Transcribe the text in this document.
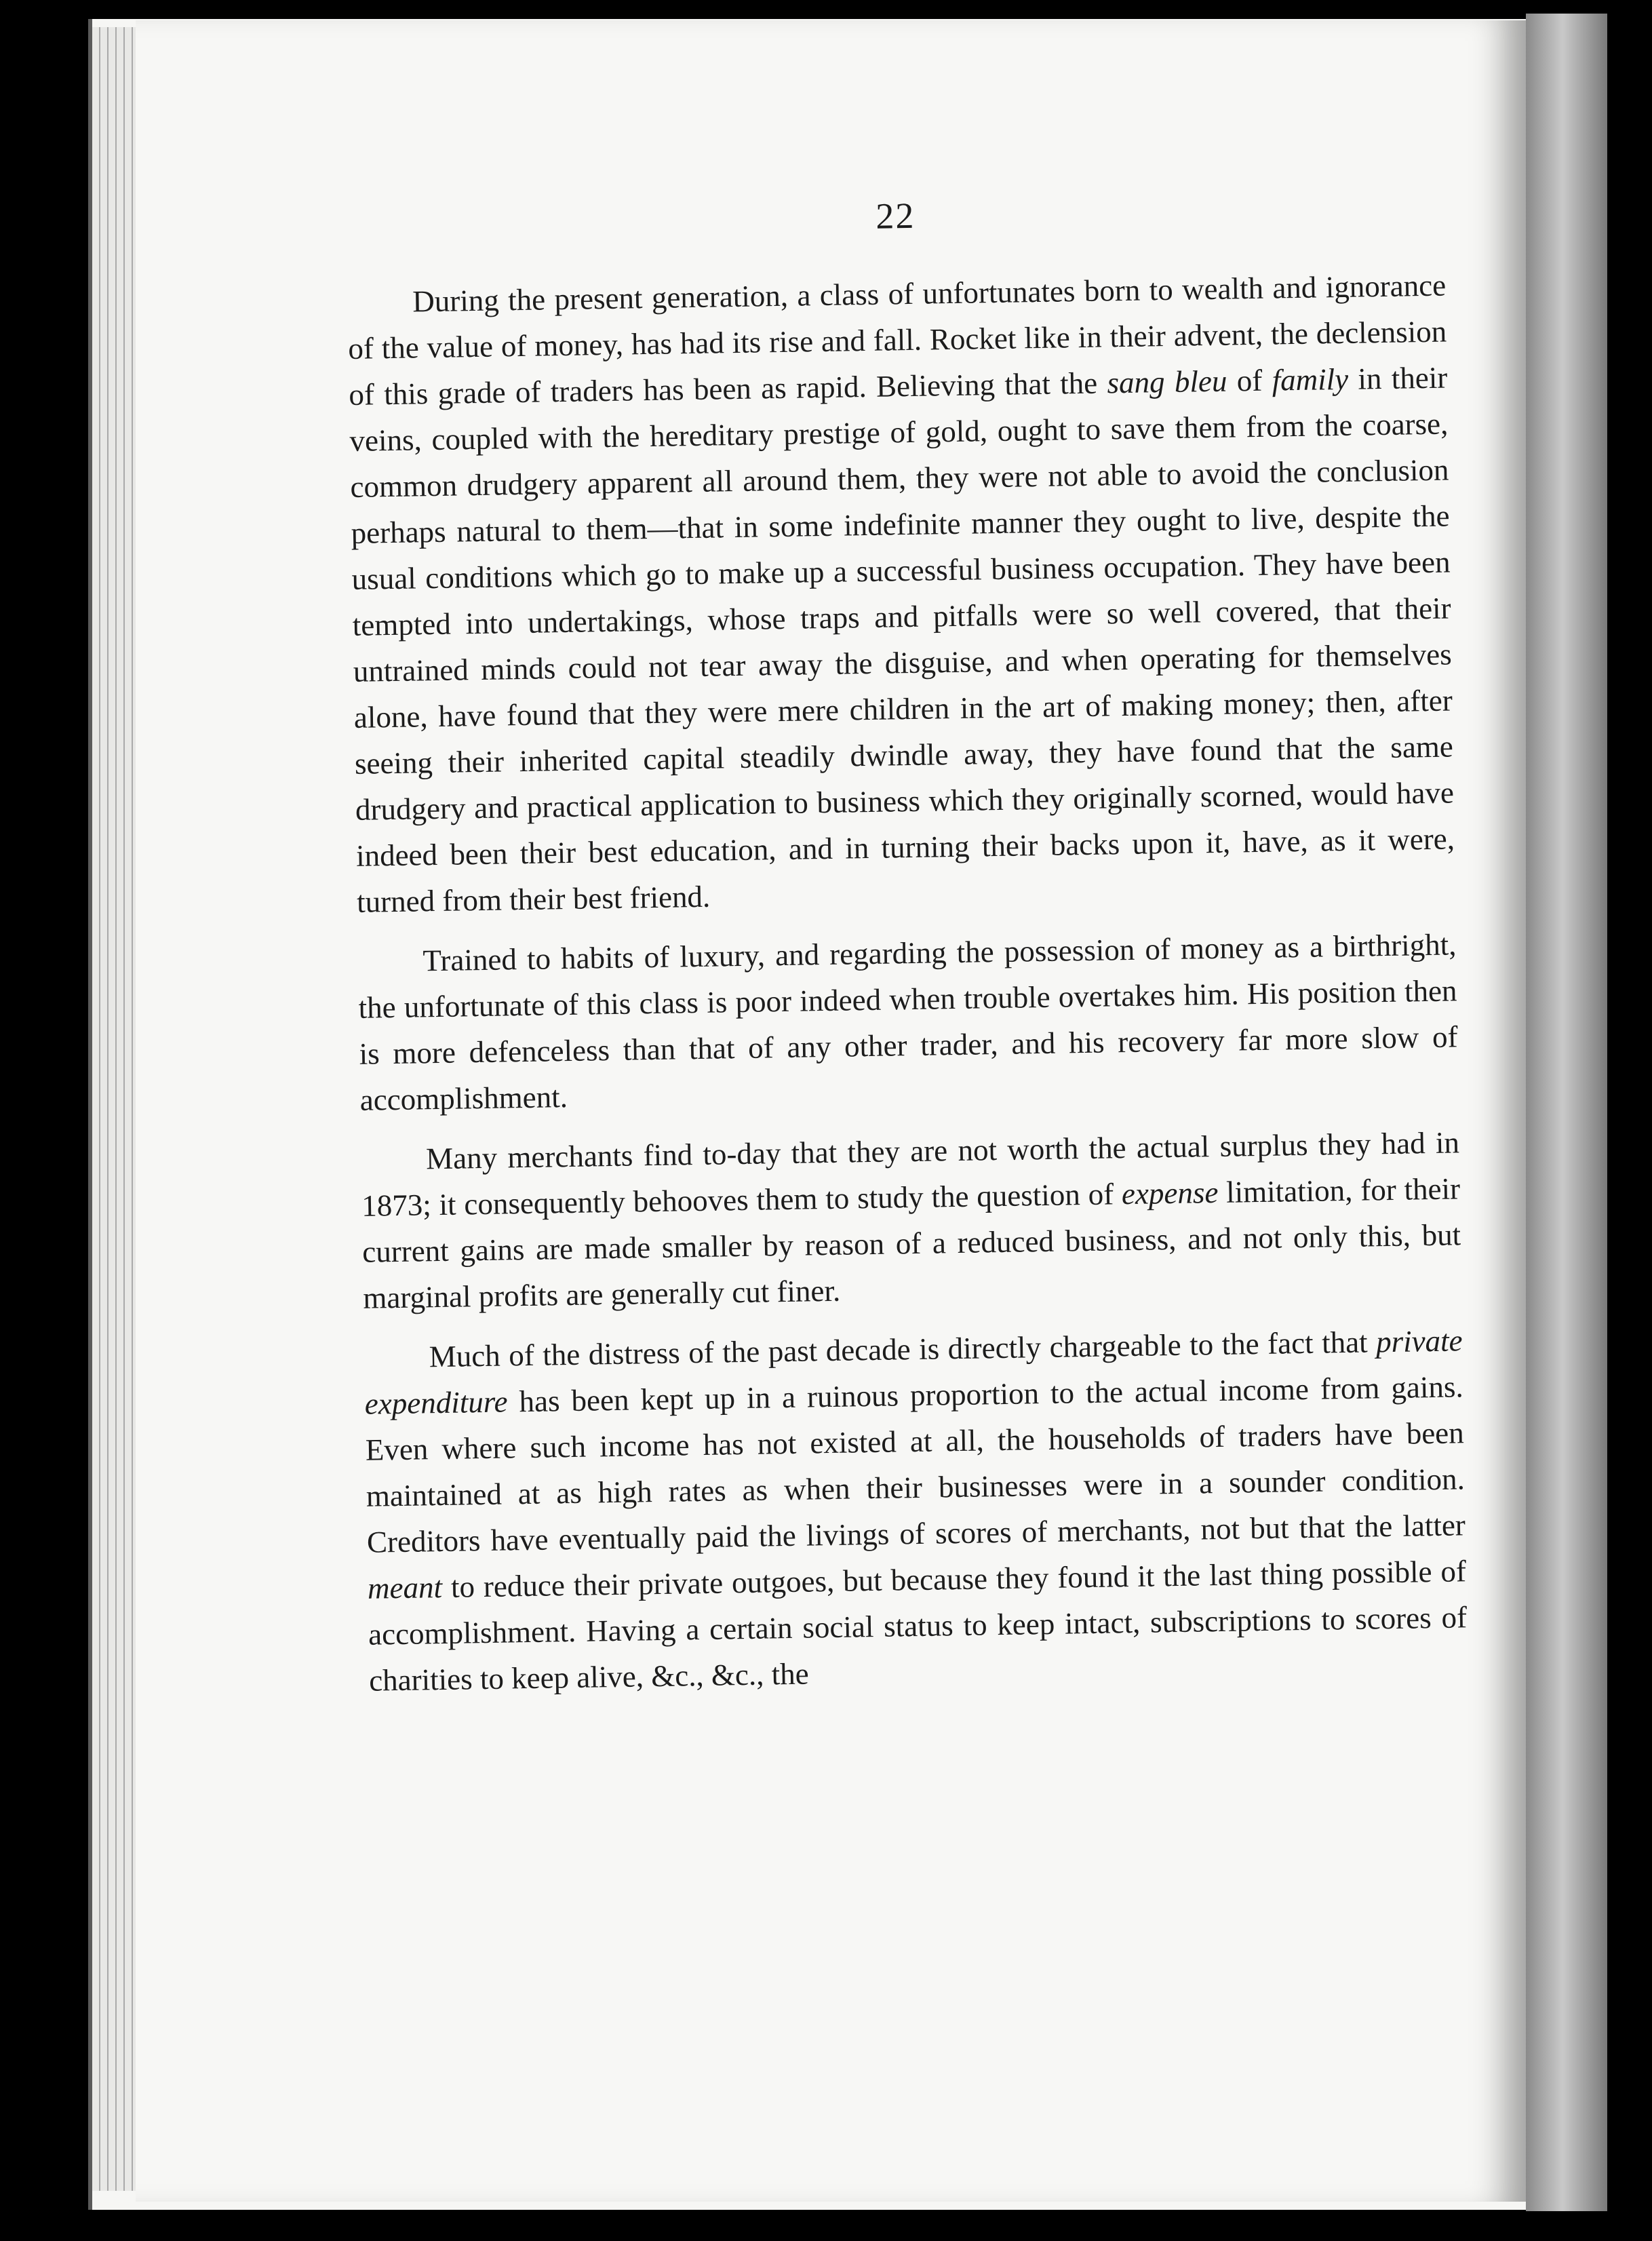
22

During the present generation, a class of unfortunates born to wealth and ignorance of the value of money, has had its rise and fall. Rocket like in their advent, the declension of this grade of traders has been as rapid. Believing that the sang bleu of family in their veins, coupled with the hereditary prestige of gold, ought to save them from the coarse, common drudgery apparent all around them, they were not able to avoid the conclusion perhaps natural to them—that in some indefinite manner they ought to live, despite the usual conditions which go to make up a successful business occupation. They have been tempted into undertakings, whose traps and pitfalls were so well covered, that their untrained minds could not tear away the disguise, and when operating for themselves alone, have found that they were mere children in the art of making money; then, after seeing their inherited capital steadily dwindle away, they have found that the same drudgery and practical application to business which they originally scorned, would have indeed been their best education, and in turning their backs upon it, have, as it were, turned from their best friend.

Trained to habits of luxury, and regarding the possession of money as a birthright, the unfortunate of this class is poor indeed when trouble overtakes him. His position then is more defenceless than that of any other trader, and his recovery far more slow of accomplishment.

Many merchants find to-day that they are not worth the actual surplus they had in 1873; it consequently behooves them to study the question of expense limitation, for their current gains are made smaller by reason of a reduced business, and not only this, but marginal profits are generally cut finer.

Much of the distress of the past decade is directly chargeable to the fact that private expenditure has been kept up in a ruinous proportion to the actual income from gains. Even where such income has not existed at all, the households of traders have been maintained at as high rates as when their businesses were in a sounder condition. Creditors have eventually paid the livings of scores of merchants, not but that the latter meant to reduce their private outgoes, but because they found it the last thing possible of accomplishment. Having a certain social status to keep intact, subscriptions to scores of charities to keep alive, &c., &c., the
